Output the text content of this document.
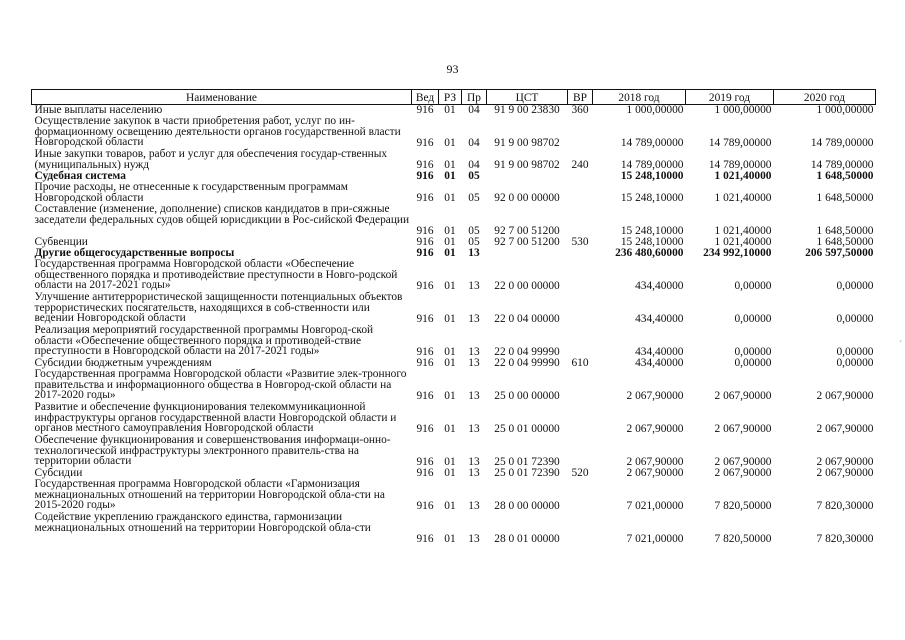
93
Наименование	Вед	РЗ	Пр	ЦСТ	ВР	2018 год	2019 год	2020 год
Иные выплаты населению	916	01	04	91 9 00 23830	360	1 000,00000	1 000,00000	1 000,00000
Осуществление закупок в части приобретения работ, услуг по ин-формационному освещению деятельности органов государственной власти Новгородской области	916	01	04	91 9 00 98702		14 789,00000	14 789,00000	14 789,00000
Иные закупки товаров, работ и услуг для обеспечения государ-ственных (муниципальных) нужд	916	01	04	91 9 00 98702	240	14 789,00000	14 789,00000	14 789,00000
Судебная система	916	01	05			15 248,10000	1 021,40000	1 648,50000
Прочие расходы, не отнесенные к государственным программам Новгородской области	916	01	05	92 0 00 00000		15 248,10000	1 021,40000	1 648,50000
Составление (изменение, дополнение) списков кандидатов в при-сяжные заседатели федеральных судов общей юрисдикции в Рос-сийской Федерации	916	01	05	92 7 00 51200		15 248,10000	1 021,40000	1 648,50000
Субвенции	916	01	05	92 7 00 51200	530	15 248,10000	1 021,40000	1 648,50000
Другие общегосударственные вопросы	916	01	13			236 480,60000	234 992,10000	206 597,50000
Государственная программа Новгородской области «Обеспечение общественного порядка и противодействие преступности в Новго-родской области на 2017-2021 годы»	916	01	13	22 0 00 00000		434,40000	0,00000	0,00000
Улучшение антитеррористической защищенности потенциальных объектов террористических посягательств, находящихся в соб-ственности или ведении Новгородской области	916	01	13	22 0 04 00000		434,40000	0,00000	0,00000
Реализация мероприятий государственной программы Новгород-ской области «Обеспечение общественного порядка и противодей-ствие преступности в Новгородской области на 2017-2021 годы»	916	01	13	22 0 04 99990		434,40000	0,00000	0,00000
Субсидии бюджетным учреждениям	916	01	13	22 0 04 99990	610	434,40000	0,00000	0,00000
Государственная программа Новгородской области «Развитие элек-тронного правительства и информационного общества в Новгород-ской области на 2017-2020 годы»	916	01	13	25 0 00 00000		2 067,90000	2 067,90000	2 067,90000
Развитие и обеспечение функционирования телекоммуникационной инфраструктуры органов государственной власти Новгородской области и органов местного самоуправления Новгородской области	916	01	13	25 0 01 00000		2 067,90000	2 067,90000	2 067,90000
Обеспечение функционирования и совершенствования информаци-онно- технологической инфраструктуры электронного правитель-ства на территории области	916	01	13	25 0 01 72390		2 067,90000	2 067,90000	2 067,90000
Субсидии	916	01	13	25 0 01 72390	520	2 067,90000	2 067,90000	2 067,90000
Государственная программа Новгородской области «Гармонизация межнациональных отношений на территории Новгородской обла-сти на 2015-2020 годы»	916	01	13	28 0 00 00000		7 021,00000	7 820,50000	7 820,30000
Содействие укреплению гражданского единства, гармонизации межнациональных отношений на территории Новгородской обла-сти	916	01	13	28 0 01 00000		7 021,00000	7 820,50000	7 820,30000
ˊ
